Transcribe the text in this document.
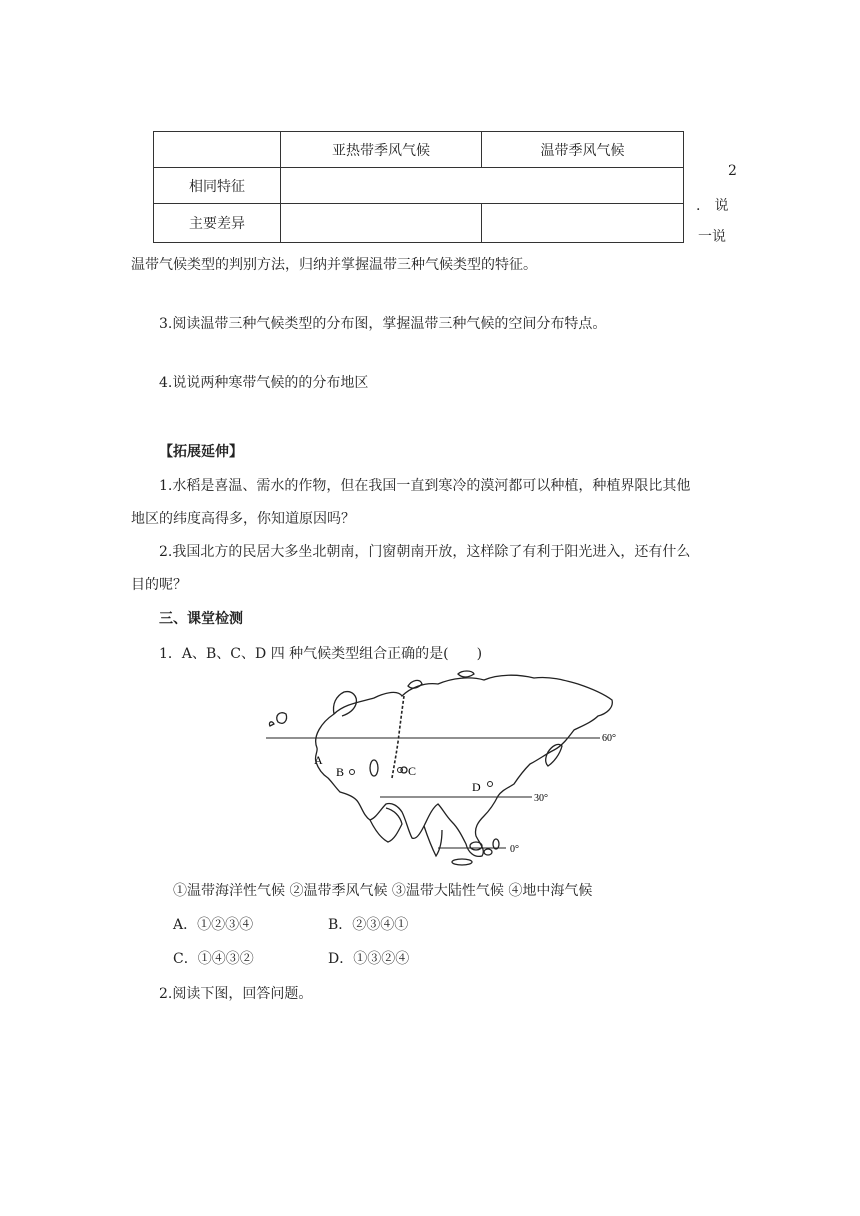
	亚热带季风气候	温带季风气候
相同特征		
主要差异		
2
.　说
一说
温带气候类型的判别方法，归纳并掌握温带三种气候类型的特征。
3.阅读温带三种气候类型的分布图，掌握温带三种气候的空间分布特点。
4.说说两种寒带气候的的分布地区
【拓展延伸】
1.水稻是喜温、需水的作物，但在我国一直到寒冷的漠河都可以种植，种植界限比其他
地区的纬度高得多，你知道原因吗？
2.我国北方的民居大多坐北朝南，门窗朝南开放，这样除了有利于阳光进入，还有什么
目的呢？
三、课堂检测
1．A、B、C、D 四 种气候类型组合正确的是(　　)
60°
30°
0°
A
B	C
D
①温带海洋性气候 ②温带季风气候 ③温带大陆性气候 ④地中海气候
A．①②③④	B．②③④①
C．①④③②	D．①③②④
2.阅读下图，回答问题。
